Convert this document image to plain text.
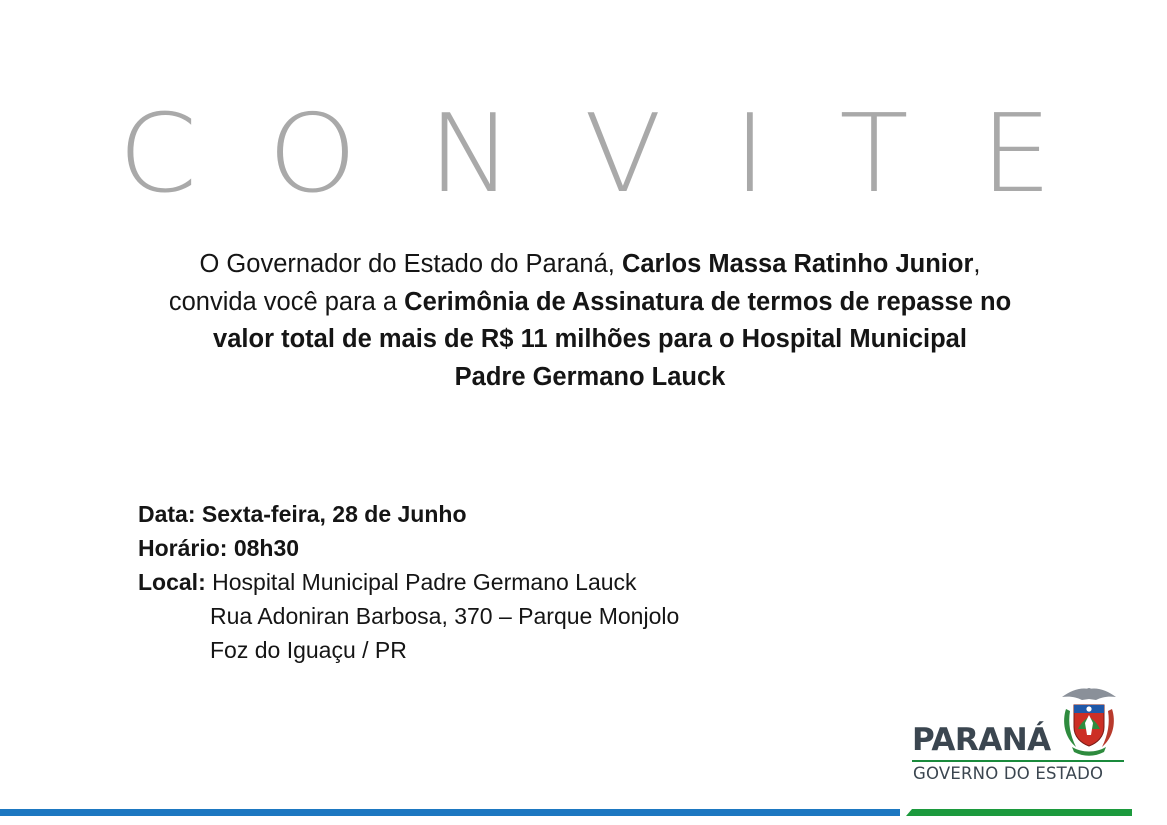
C O N V I T E
O Governador do Estado do Paraná, Carlos Massa Ratinho Junior,
convida você para a Cerimônia de Assinatura de termos de repasse no
valor total de mais de R$ 11 milhões para o Hospital Municipal
Padre Germano Lauck
Data: Sexta-feira, 28 de Junho
Horário: 08h30
Local: Hospital Municipal Padre Germano Lauck
Rua Adoniran Barbosa, 370 – Parque Monjolo
Foz do Iguaçu / PR
PARANÁ
GOVERNO DO ESTADO
